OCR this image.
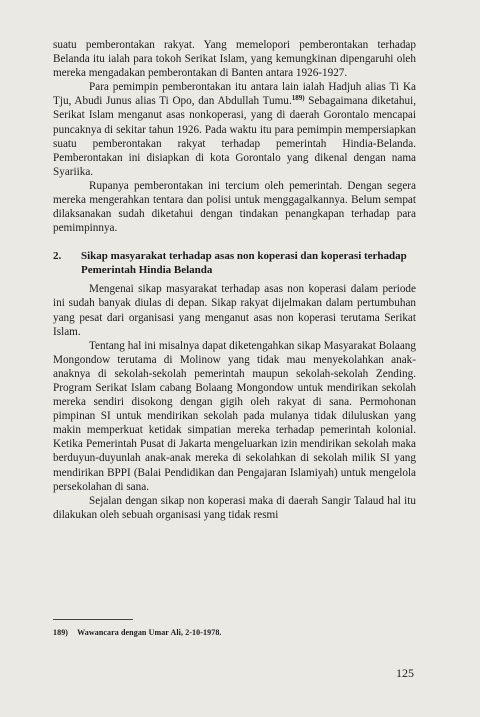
suatu pemberontakan rakyat. Yang memelopori pemberontakan terhadap Belanda itu ialah para tokoh Serikat Islam, yang kemungkinan dipengaruhi oleh mereka mengadakan pemberontakan di Banten antara 1926-1927.

Para pemimpin pemberontakan itu antara lain ialah Hadjuh alias Ti Ka Tju, Abudi Junus alias Ti Opo, dan Abdullah Tumu.$^{189)}$ Sebagaimana diketahui, Serikat Islam menganut asas nonkoperasi, yang di daerah Gorontalo mencapai puncaknya di sekitar tahun 1926. Pada waktu itu para pemimpin mempersiapkan suatu pemberontakan rakyat terhadap pemerintah Hindia-Belanda. Pemberontakan ini disiapkan di kota Gorontalo yang dikenal dengan nama Syariika.

Rupanya pemberontakan ini tercium oleh pemerintah. Dengan segera mereka mengerahkan tentara dan polisi untuk menggagalkannya. Belum sempat dilaksanakan sudah diketahui dengan tindakan penangkapan terhadap para pemimpinnya.

2.	Sikap masyarakat terhadap asas non koperasi dan koperasi terhadap Pemerintah Hindia Belanda

Mengenai sikap masyarakat terhadap asas non koperasi dalam periode ini sudah banyak diulas di depan. Sikap rakyat dijelmakan dalam pertumbuhan yang pesat dari organisasi yang menganut asas non koperasi terutama Serikat Islam.

Tentang hal ini misalnya dapat diketengahkan sikap Masyarakat Bolaang Mongondow terutama di Molinow yang tidak mau menyekolahkan anak-anaknya di sekolah-sekolah pemerintah maupun sekolah-sekolah Zending. Program Serikat Islam cabang Bolaang Mongondow untuk mendirikan sekolah mereka sendiri disokong dengan gigih oleh rakyat di sana. Permohonan pimpinan SI untuk mendirikan sekolah pada mulanya tidak diluluskan yang makin memperkuat ketidak simpatian mereka terhadap pemerintah kolonial. Ketika Pemerintah Pusat di Jakarta mengeluarkan izin mendirikan sekolah maka berduyun-duyunlah anak-anak mereka di sekolahkan di sekolah milik SI yang mendirikan BPPI (Balai Pendidikan dan Pengajaran Islamiyah) untuk mengelola persekolahan di sana.

Sejalan dengan sikap non koperasi maka di daerah Sangir Talaud hal itu dilakukan oleh sebuah organisasi yang tidak resmi

189) Wawancara dengan Umar Ali, 2-10-1978.
125
